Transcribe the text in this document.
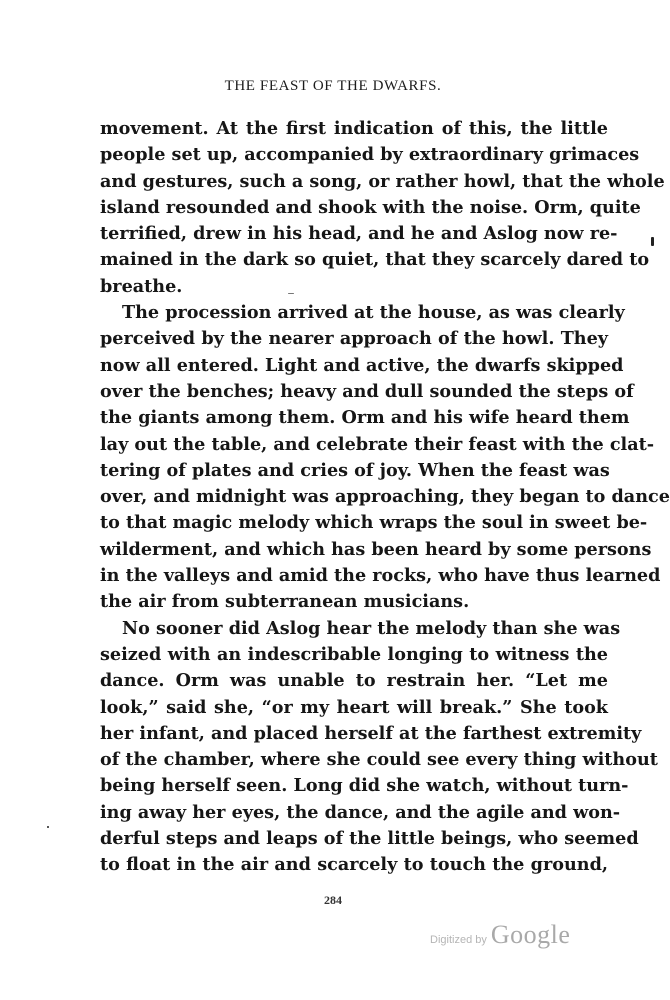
THE FEAST OF THE DWARFS.
movement. At the first indication of this, the little
people set up, accompanied by extraordinary grimaces
and gestures, such a song, or rather howl, that the whole
island resounded and shook with the noise. Orm, quite
terrified, drew in his head, and he and Aslog now re-
mained in the dark so quiet, that they scarcely dared to
breathe.
The procession arrived at the house, as was clearly
perceived by the nearer approach of the howl. They
now all entered. Light and active, the dwarfs skipped
over the benches; heavy and dull sounded the steps of
the giants among them. Orm and his wife heard them
lay out the table, and celebrate their feast with the clat-
tering of plates and cries of joy. When the feast was
over, and midnight was approaching, they began to dance
to that magic melody which wraps the soul in sweet be-
wilderment, and which has been heard by some persons
in the valleys and amid the rocks, who have thus learned
the air from subterranean musicians.
No sooner did Aslog hear the melody than she was
seized with an indescribable longing to witness the
dance. Orm was unable to restrain her. “Let me
look,” said she, “or my heart will break.” She took
her infant, and placed herself at the farthest extremity
of the chamber, where she could see every thing without
being herself seen. Long did she watch, without turn-
ing away her eyes, the dance, and the agile and won-
derful steps and leaps of the little beings, who seemed
to float in the air and scarcely to touch the ground,
284
Digitized by Google
